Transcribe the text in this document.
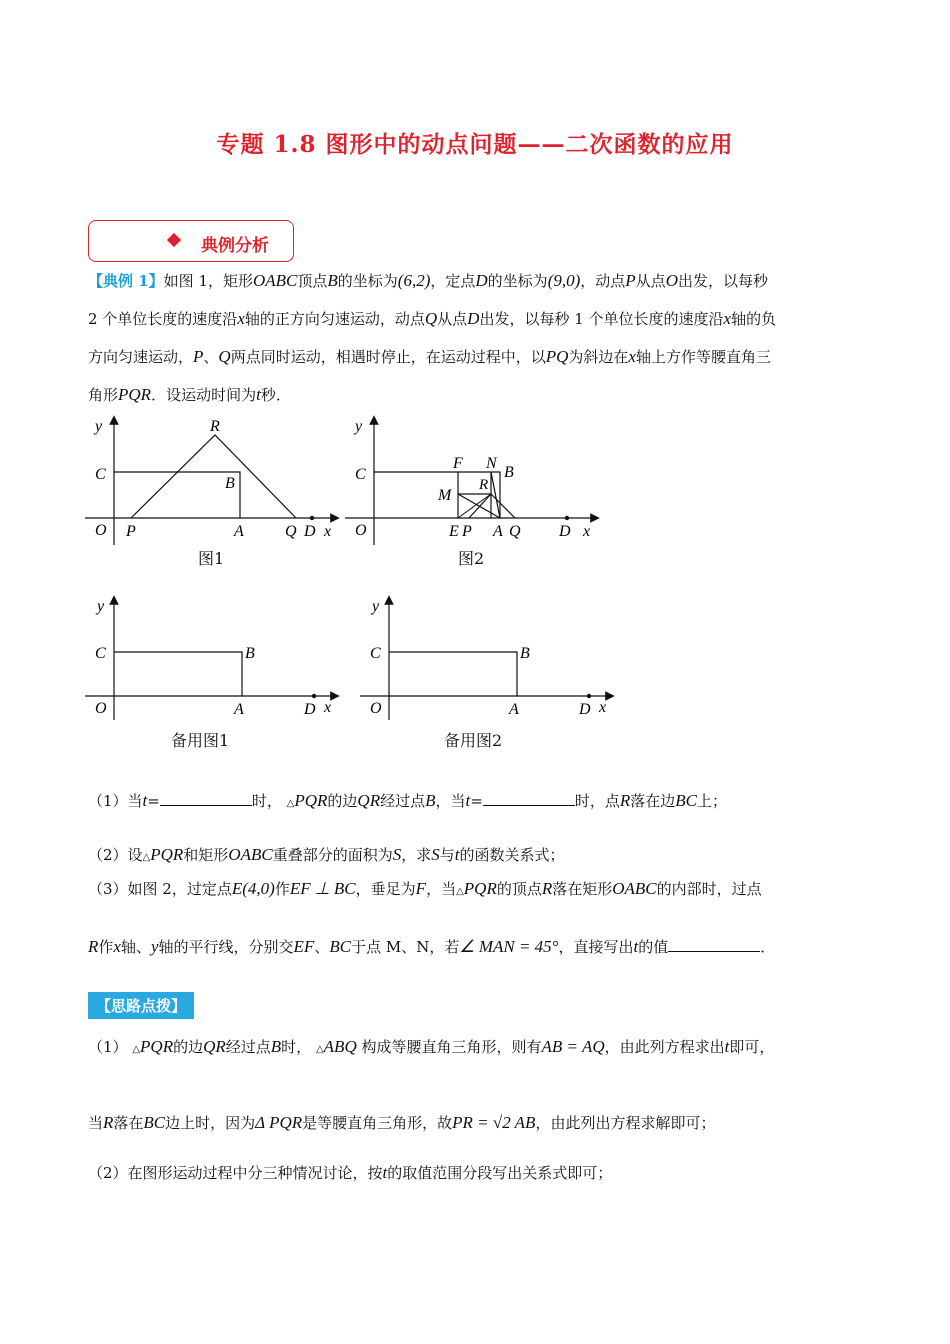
专题 1.8 图形中的动点问题——二次函数的应用
典例分析
【典例 1】如图 1，矩形OABC顶点B的坐标为(6,2)，定点D的坐标为(9,0)，动点P从点O出发，以每秒
2 个单位长度的速度沿x轴的正方向匀速运动，动点Q从点D出发，以每秒 1 个单位长度的速度沿x轴的负
方向匀速运动，P、Q两点同时运动，相遇时停止，在运动过程中，以PQ为斜边在x轴上方作等腰直角三
角形PQR．设运动时间为t秒．
y
C
O P
R
B
A	Q D x
图1
y
C
O
F N
B
R
M
E P A Q D x
图2
y
C	B
O	A	D x
备用图1
y
C	B
O	A	D x
备用图2
（1）当t=	时， △PQR的边QR经过点B，当t=	时，点R落在边BC上；
（2）设△PQR和矩形OABC重叠部分的面积为S，求S与t的函数关系式；
（3）如图 2，过定点E(4,0)作EF ⊥ BC，垂足为F，当△PQR的顶点R落在矩形OABC的内部时，过点
R作x轴、y轴的平行线，分别交EF、BC于点 M、N，若∠ MAN = 45°，直接写出t的值	．
【思路点拨】
（1） △PQR的边QR经过点B时， △ABQ 构成等腰直角三角形，则有AB = AQ，由此列方程求出t即可，
当R落在BC边上时，因为Δ PQR是等腰直角三角形，故PR = √2 AB，由此列出方程求解即可；
（2）在图形运动过程中分三种情况讨论，按t的取值范围分段写出关系式即可；
